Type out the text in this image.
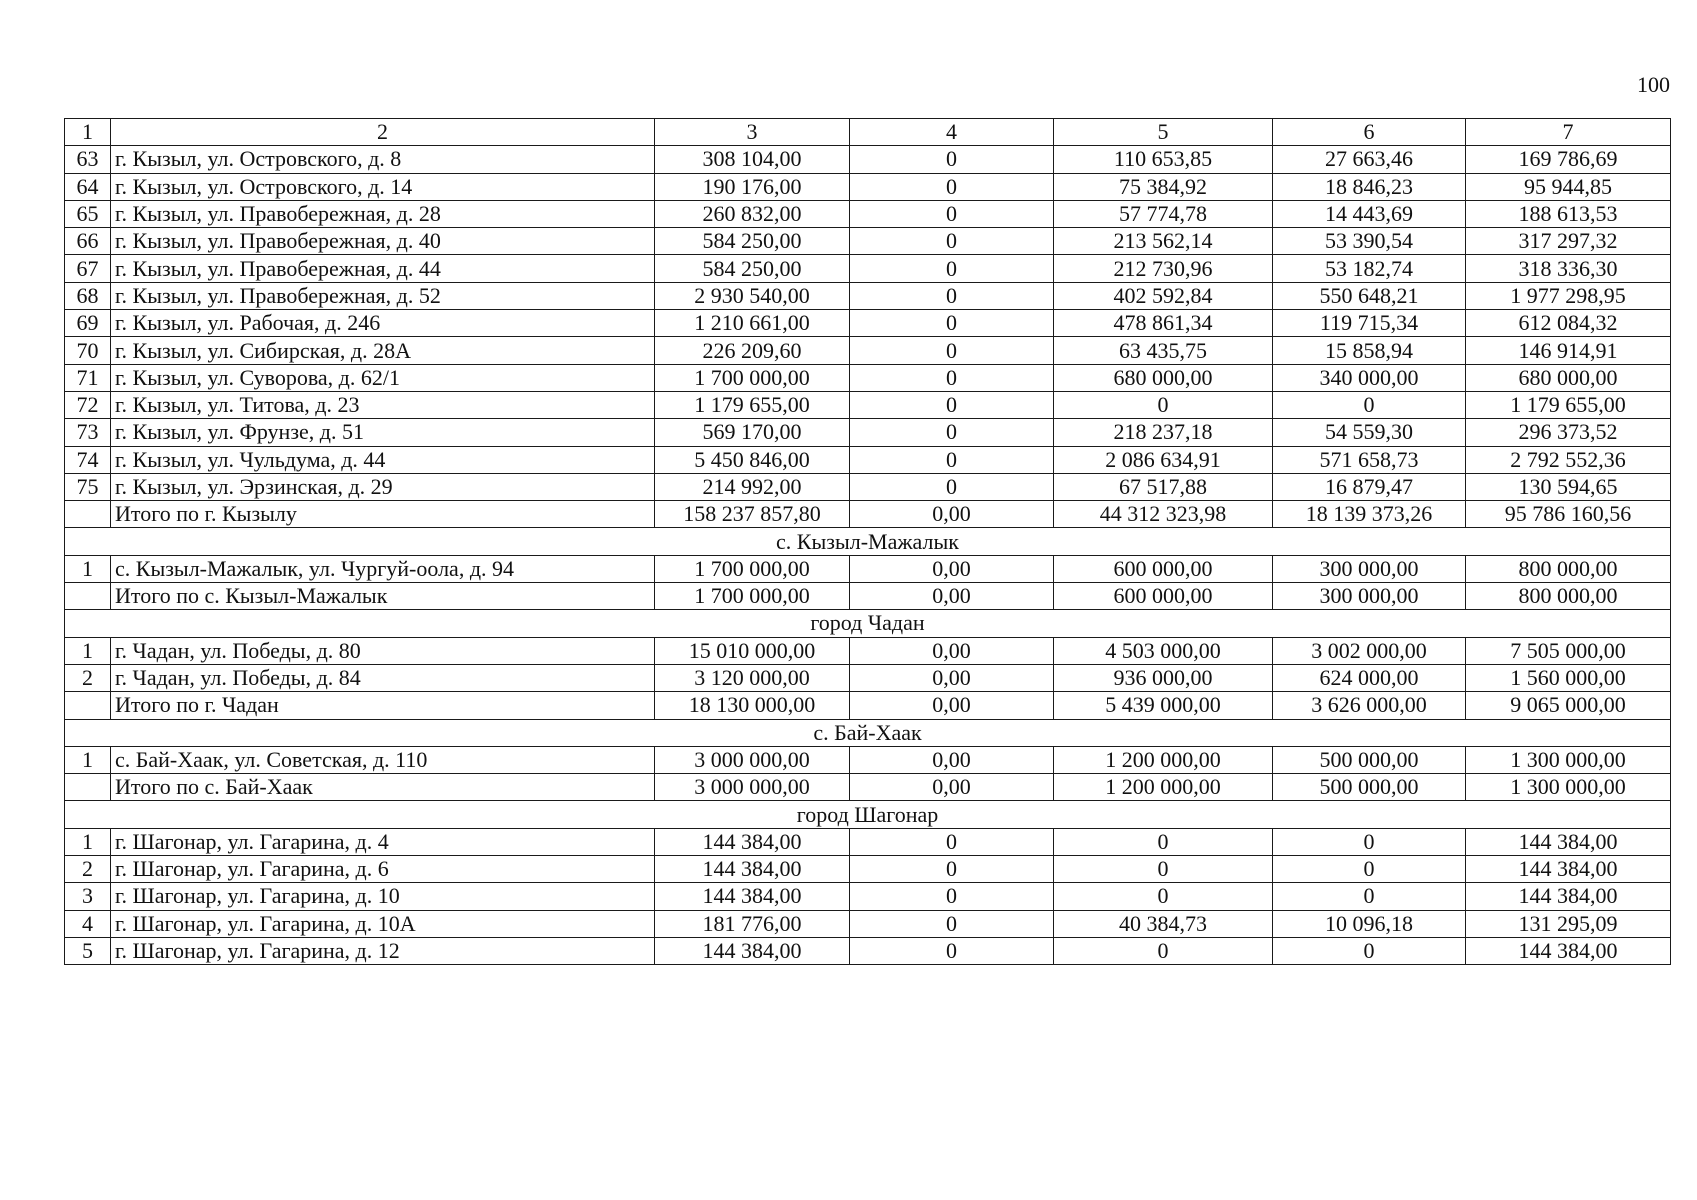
100
1	2	3	4	5	6	7
63	г. Кызыл, ул. Островского, д. 8	308 104,00	0	110 653,85	27 663,46	169 786,69
64	г. Кызыл, ул. Островского, д. 14	190 176,00	0	75 384,92	18 846,23	95 944,85
65	г. Кызыл, ул. Правобережная, д. 28	260 832,00	0	57 774,78	14 443,69	188 613,53
66	г. Кызыл, ул. Правобережная, д. 40	584 250,00	0	213 562,14	53 390,54	317 297,32
67	г. Кызыл, ул. Правобережная, д. 44	584 250,00	0	212 730,96	53 182,74	318 336,30
68	г. Кызыл, ул. Правобережная, д. 52	2 930 540,00	0	402 592,84	550 648,21	1 977 298,95
69	г. Кызыл, ул. Рабочая, д. 246	1 210 661,00	0	478 861,34	119 715,34	612 084,32
70	г. Кызыл, ул. Сибирская, д. 28А	226 209,60	0	63 435,75	15 858,94	146 914,91
71	г. Кызыл, ул. Суворова, д. 62/1	1 700 000,00	0	680 000,00	340 000,00	680 000,00
72	г. Кызыл, ул. Титова, д. 23	1 179 655,00	0	0	0	1 179 655,00
73	г. Кызыл, ул. Фрунзе, д. 51	569 170,00	0	218 237,18	54 559,30	296 373,52
74	г. Кызыл, ул. Чульдума, д. 44	5 450 846,00	0	2 086 634,91	571 658,73	2 792 552,36
75	г. Кызыл, ул. Эрзинская, д. 29	214 992,00	0	67 517,88	16 879,47	130 594,65
	Итого по г. Кызылу	158 237 857,80	0,00	44 312 323,98	18 139 373,26	95 786 160,56
с. Кызыл-Мажалык						
1	с. Кызыл-Мажалык, ул. Чургуй-оола, д. 94	1 700 000,00	0,00	600 000,00	300 000,00	800 000,00
	Итого по с. Кызыл-Мажалык	1 700 000,00	0,00	600 000,00	300 000,00	800 000,00
город Чадан						
1	г. Чадан, ул. Победы, д. 80	15 010 000,00	0,00	4 503 000,00	3 002 000,00	7 505 000,00
2	г. Чадан, ул. Победы, д. 84	3 120 000,00	0,00	936 000,00	624 000,00	1 560 000,00
	Итого по г. Чадан	18 130 000,00	0,00	5 439 000,00	3 626 000,00	9 065 000,00
с. Бай-Хаак						
1	с. Бай-Хаак, ул. Советская, д. 110	3 000 000,00	0,00	1 200 000,00	500 000,00	1 300 000,00
	Итого по с. Бай-Хаак	3 000 000,00	0,00	1 200 000,00	500 000,00	1 300 000,00
город Шагонар						
1	г. Шагонар, ул. Гагарина, д. 4	144 384,00	0	0	0	144 384,00
2	г. Шагонар, ул. Гагарина, д. 6	144 384,00	0	0	0	144 384,00
3	г. Шагонар, ул. Гагарина, д. 10	144 384,00	0	0	0	144 384,00
4	г. Шагонар, ул. Гагарина, д. 10А	181 776,00	0	40 384,73	10 096,18	131 295,09
5	г. Шагонар, ул. Гагарина, д. 12	144 384,00	0	0	0	144 384,00
